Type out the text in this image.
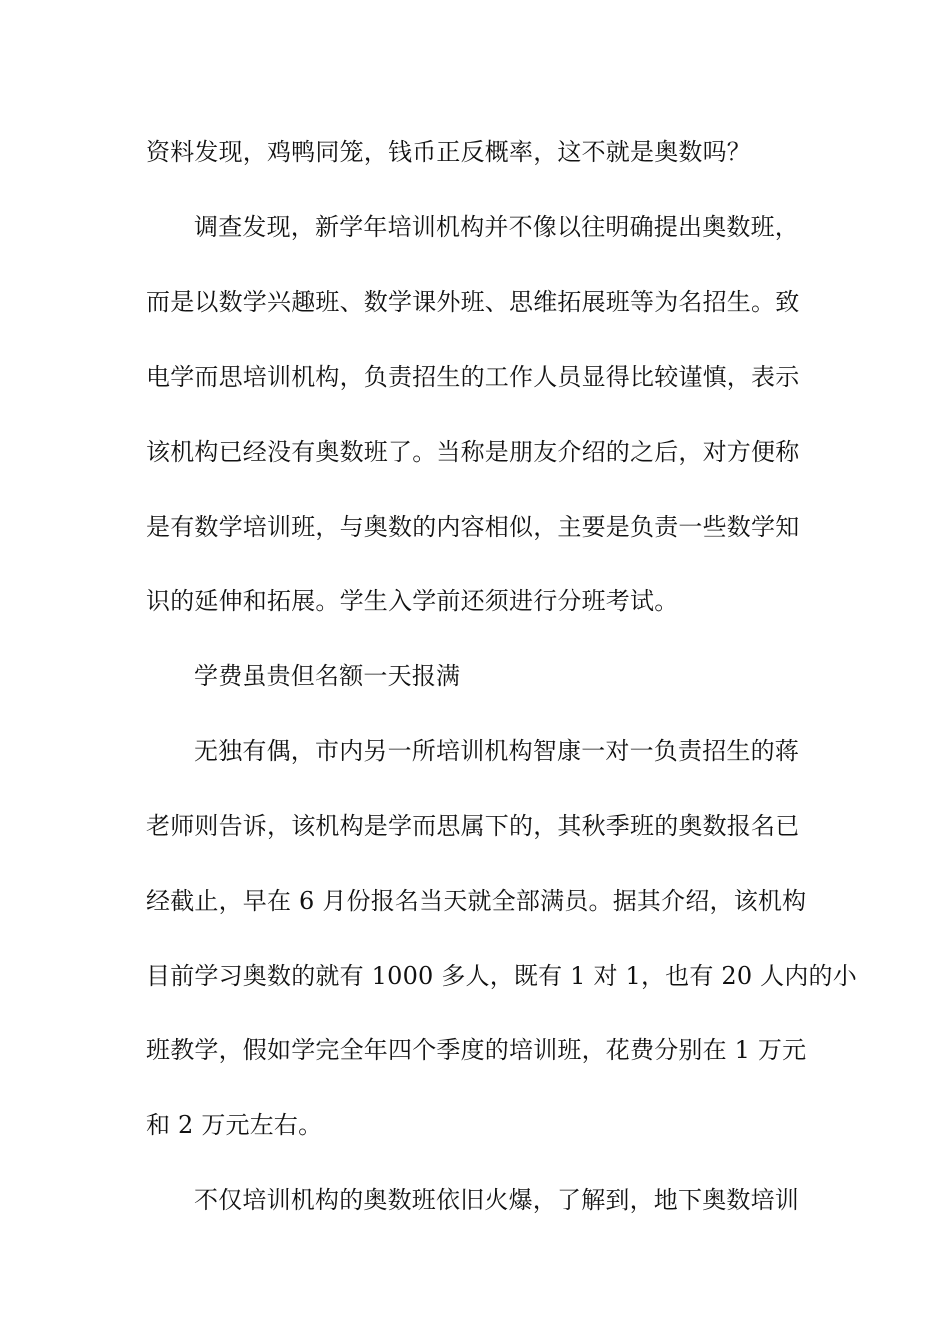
资料发现，鸡鸭同笼，钱币正反概率，这不就是奥数吗？
调查发现，新学年培训机构并不像以往明确提出奥数班，
而是以数学兴趣班、数学课外班、思维拓展班等为名招生。致
电学而思培训机构，负责招生的工作人员显得比较谨慎，表示
该机构已经没有奥数班了。当称是朋友介绍的之后，对方便称
是有数学培训班，与奥数的内容相似，主要是负责一些数学知
识的延伸和拓展。学生入学前还须进行分班考试。
学费虽贵但名额一天报满
无独有偶，市内另一所培训机构智康一对一负责招生的蒋
老师则告诉，该机构是学而思属下的，其秋季班的奥数报名已
经截止，早在 6 月份报名当天就全部满员。据其介绍，该机构
目前学习奥数的就有 1000 多人，既有 1 对 1，也有 20 人内的小
班教学，假如学完全年四个季度的培训班，花费分别在 1 万元
和 2 万元左右。
不仅培训机构的奥数班依旧火爆，了解到，地下奥数培训
